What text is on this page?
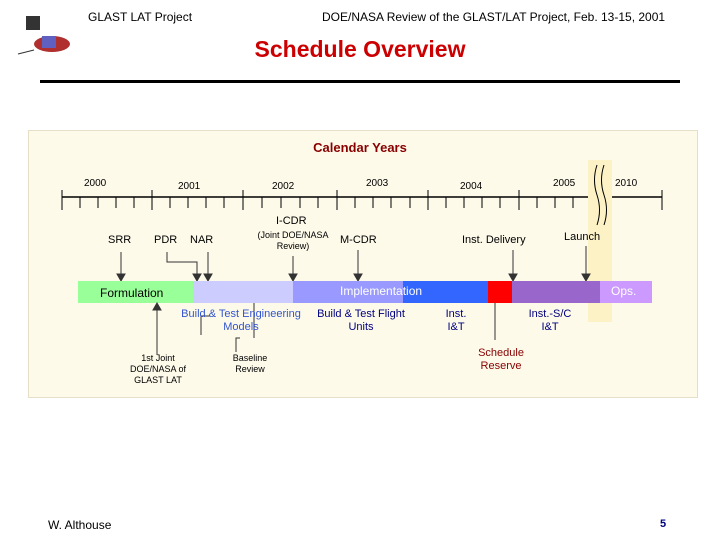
GLAST LAT Project	DOE/NASA Review of the GLAST/LAT Project, Feb. 13-15, 2001
Schedule Overview
Calendar Years
2000	2001	2002	2003	2004	2005	2010
SRR PDR NAR
I-CDR
(Joint DOE/NASA Review)	M-CDR	Inst. Delivery	Launch
Formulation	Implementation	Ops.
Build & Test Engineering Models
Build & Test Flight Units
Inst. I&T
Inst.-S/C I&T
1st Joint DOE/NASA of GLAST LAT
Baseline Review
Schedule Reserve
W. Althouse	5
